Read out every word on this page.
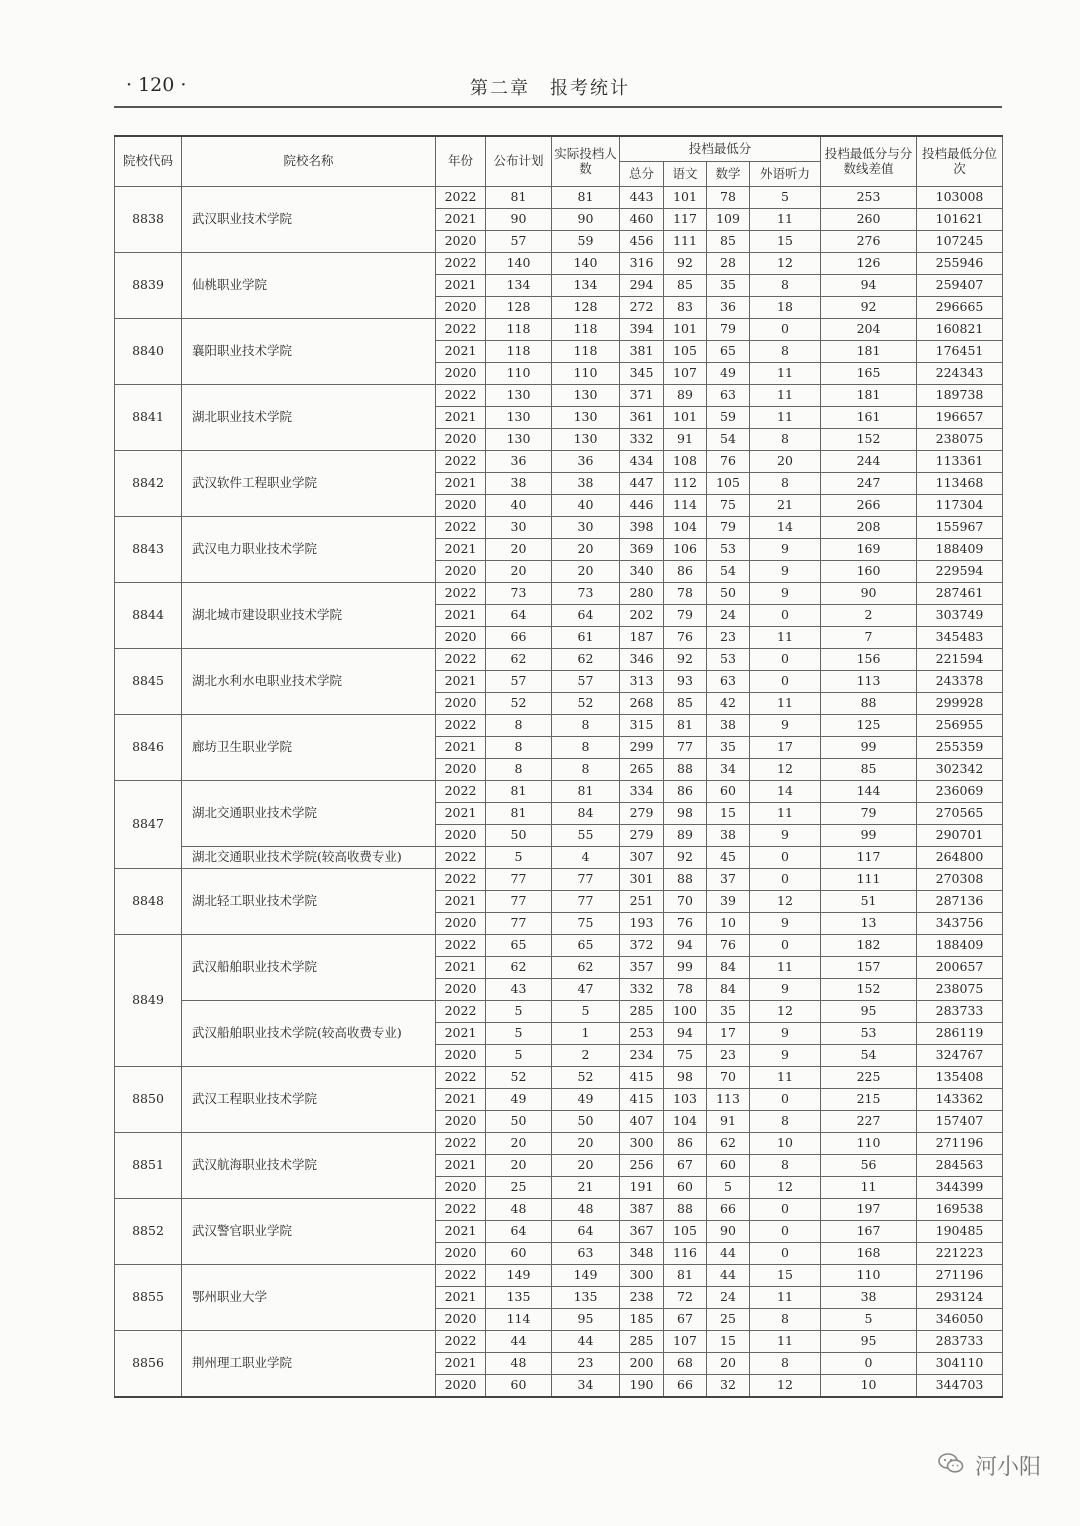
· 120 ·	第二章　报考统计
院校代码	院校名称	年份	公布计划	实际投档人数	投档最低分				投档最低分与分数线差值	投档最低分位次
					总分	语文	数学	外语听力		
8838	武汉职业技术学院	2022	81	81	443	101	78	5	253	103008
		2021	90	90	460	117	109	11	260	101621
		2020	57	59	456	111	85	15	276	107245
8839	仙桃职业学院	2022	140	140	316	92	28	12	126	255946
		2021	134	134	294	85	35	8	94	259407
		2020	128	128	272	83	36	18	92	296665
8840	襄阳职业技术学院	2022	118	118	394	101	79	0	204	160821
		2021	118	118	381	105	65	8	181	176451
		2020	110	110	345	107	49	11	165	224343
8841	湖北职业技术学院	2022	130	130	371	89	63	11	181	189738
		2021	130	130	361	101	59	11	161	196657
		2020	130	130	332	91	54	8	152	238075
8842	武汉软件工程职业学院	2022	36	36	434	108	76	20	244	113361
		2021	38	38	447	112	105	8	247	113468
		2020	40	40	446	114	75	21	266	117304
8843	武汉电力职业技术学院	2022	30	30	398	104	79	14	208	155967
		2021	20	20	369	106	53	9	169	188409
		2020	20	20	340	86	54	9	160	229594
8844	湖北城市建设职业技术学院	2022	73	73	280	78	50	9	90	287461
		2021	64	64	202	79	24	0	2	303749
		2020	66	61	187	76	23	11	7	345483
8845	湖北水利水电职业技术学院	2022	62	62	346	92	53	0	156	221594
		2021	57	57	313	93	63	0	113	243378
		2020	52	52	268	85	42	11	88	299928
8846	廊坊卫生职业学院	2022	8	8	315	81	38	9	125	256955
		2021	8	8	299	77	35	17	99	255359
		2020	8	8	265	88	34	12	85	302342
8847	湖北交通职业技术学院	2022	81	81	334	86	60	14	144	236069
		2021	81	84	279	98	15	11	79	270565
		2020	50	55	279	89	38	9	99	290701
	湖北交通职业技术学院(较高收费专业)	2022	5	4	307	92	45	0	117	264800
8848	湖北轻工职业技术学院	2022	77	77	301	88	37	0	111	270308
		2021	77	77	251	70	39	12	51	287136
		2020	77	75	193	76	10	9	13	343756
8849	武汉船舶职业技术学院	2022	65	65	372	94	76	0	182	188409
		2021	62	62	357	99	84	11	157	200657
		2020	43	47	332	78	84	9	152	238075
	武汉船舶职业技术学院(较高收费专业)	2022	5	5	285	100	35	12	95	283733
		2021	5	1	253	94	17	9	53	286119
		2020	5	2	234	75	23	9	54	324767
8850	武汉工程职业技术学院	2022	52	52	415	98	70	11	225	135408
		2021	49	49	415	103	113	0	215	143362
		2020	50	50	407	104	91	8	227	157407
8851	武汉航海职业技术学院	2022	20	20	300	86	62	10	110	271196
		2021	20	20	256	67	60	8	56	284563
		2020	25	21	191	60	5	12	11	344399
8852	武汉警官职业学院	2022	48	48	387	88	66	0	197	169538
		2021	64	64	367	105	90	0	167	190485
		2020	60	63	348	116	44	0	168	221223
8855	鄂州职业大学	2022	149	149	300	81	44	15	110	271196
		2021	135	135	238	72	24	11	38	293124
		2020	114	95	185	67	25	8	5	346050
8856	荆州理工职业学院	2022	44	44	285	107	15	11	95	283733
		2021	48	23	200	68	20	8	0	304110
		2020	60	34	190	66	32	12	10	344703
河小阳
